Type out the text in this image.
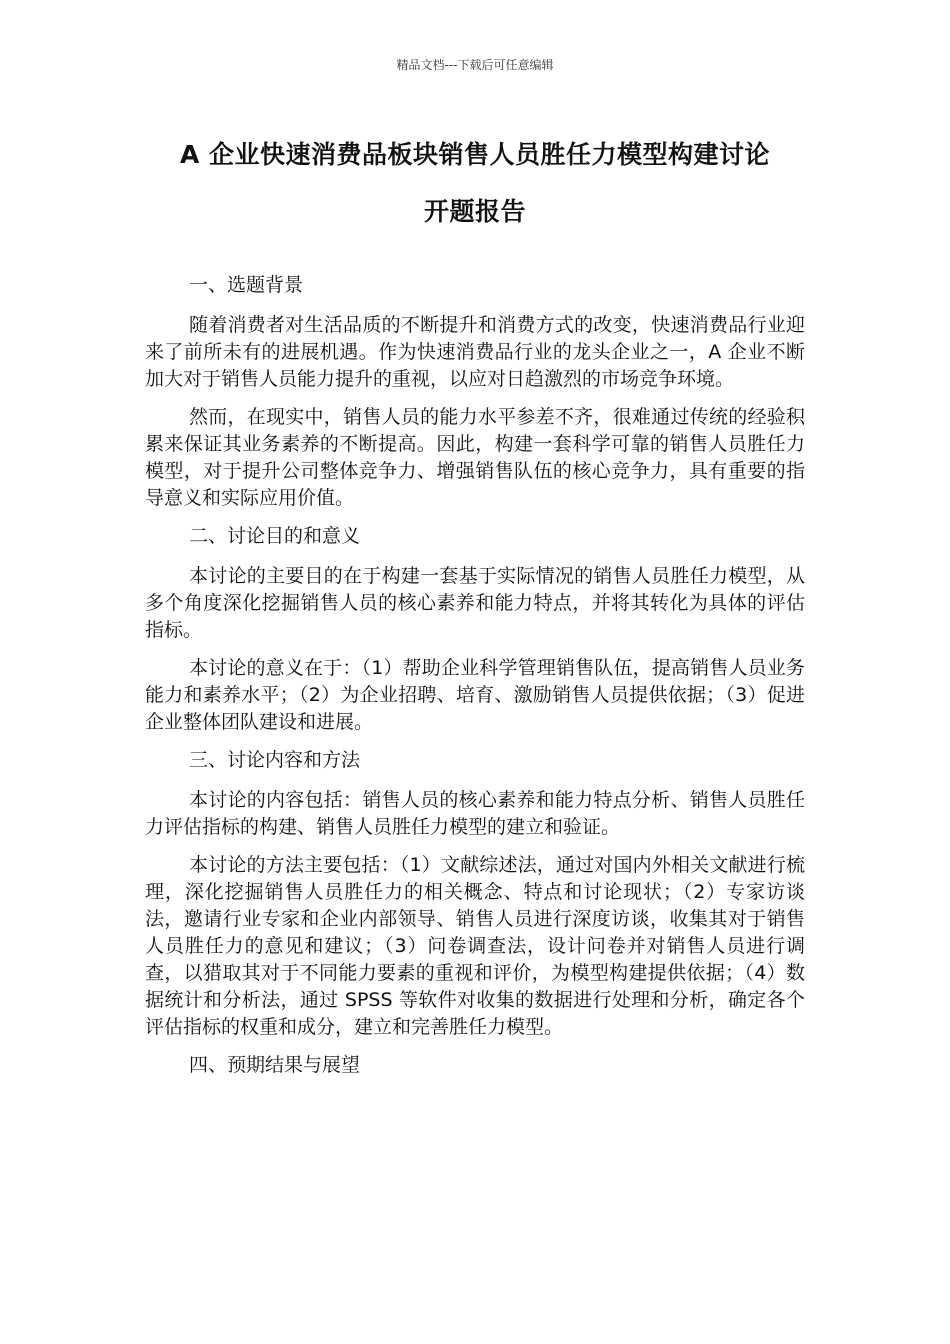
精品文档---下载后可任意编辑
A 企业快速消费品板块销售人员胜任力模型构建讨论
开题报告

一、选题背景

随着消费者对生活品质的不断提升和消费方式的改变，快速消费品行业迎来了前所未有的进展机遇。作为快速消费品行业的龙头企业之一，A 企业不断加大对于销售人员能力提升的重视，以应对日趋激烈的市场竞争环境。

然而，在现实中，销售人员的能力水平参差不齐，很难通过传统的经验积累来保证其业务素养的不断提高。因此，构建一套科学可靠的销售人员胜任力模型，对于提升公司整体竞争力、增强销售队伍的核心竞争力，具有重要的指导意义和实际应用价值。

二、讨论目的和意义

本讨论的主要目的在于构建一套基于实际情况的销售人员胜任力模型，从多个角度深化挖掘销售人员的核心素养和能力特点，并将其转化为具体的评估指标。

本讨论的意义在于：（1）帮助企业科学管理销售队伍，提高销售人员业务能力和素养水平；（2）为企业招聘、培育、激励销售人员提供依据；（3）促进企业整体团队建设和进展。

三、讨论内容和方法

本讨论的内容包括：销售人员的核心素养和能力特点分析、销售人员胜任力评估指标的构建、销售人员胜任力模型的建立和验证。

本讨论的方法主要包括：（1）文献综述法，通过对国内外相关文献进行梳理，深化挖掘销售人员胜任力的相关概念、特点和讨论现状；（2）专家访谈法，邀请行业专家和企业内部领导、销售人员进行深度访谈，收集其对于销售人员胜任力的意见和建议；（3）问卷调查法，设计问卷并对销售人员进行调查，以猎取其对于不同能力要素的重视和评价，为模型构建提供依据；（4）数据统计和分析法，通过 SPSS 等软件对收集的数据进行处理和分析，确定各个评估指标的权重和成分，建立和完善胜任力模型。

四、预期结果与展望
